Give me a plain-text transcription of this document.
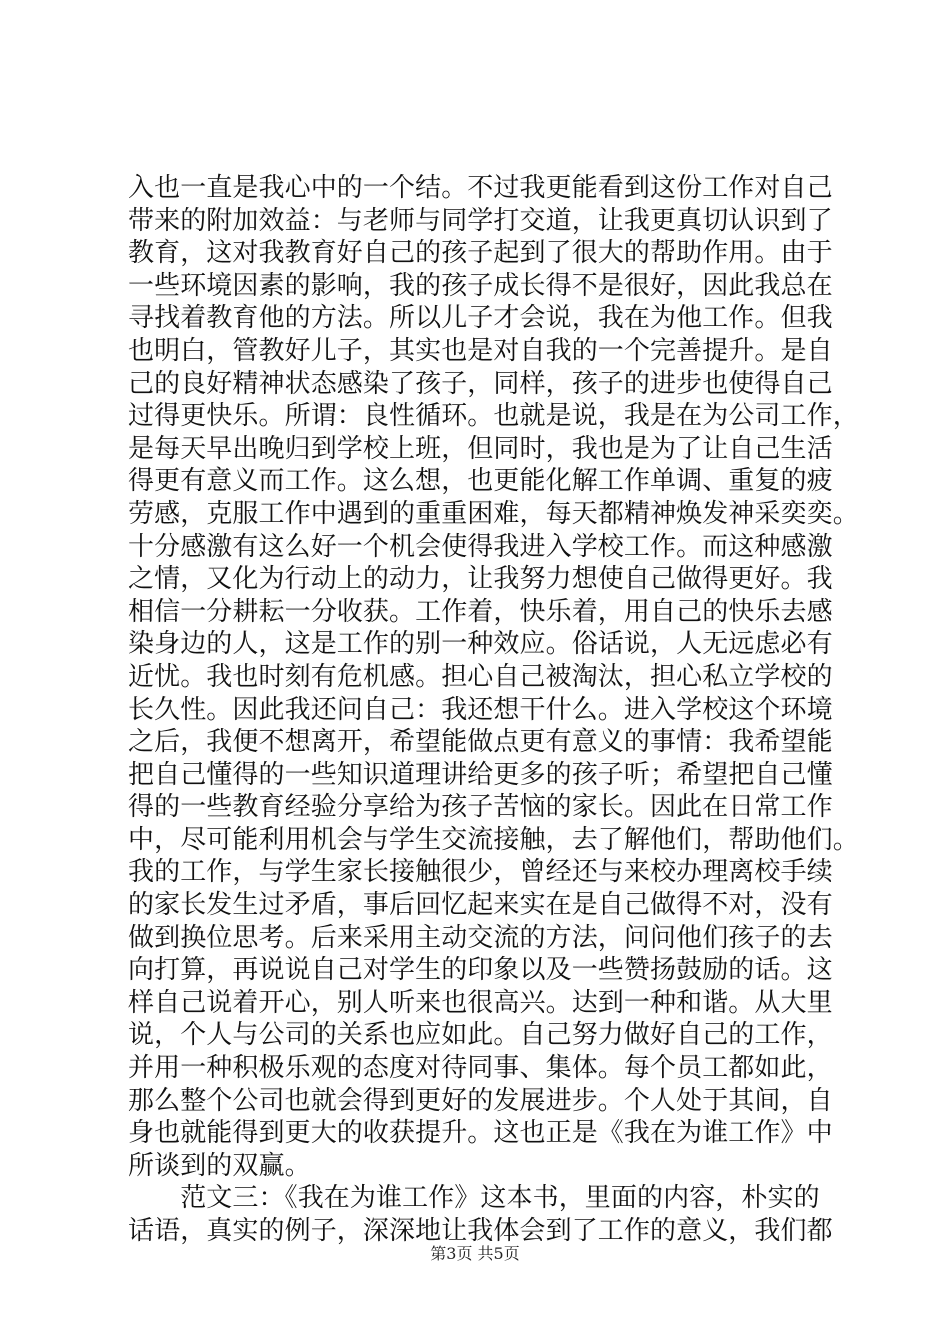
入也一直是我心中的一个结。不过我更能看到这份工作对自己
带来的附加效益：与老师与同学打交道，让我更真切认识到了
教育，这对我教育好自己的孩子起到了很大的帮助作用。由于
一些环境因素的影响，我的孩子成长得不是很好，因此我总在
寻找着教育他的方法。所以儿子才会说，我在为他工作。但我
也明白，管教好儿子，其实也是对自我的一个完善提升。是自
己的良好精神状态感染了孩子，同样，孩子的进步也使得自己
过得更快乐。所谓：良性循环。也就是说，我是在为公司工作，
是每天早出晚归到学校上班，但同时，我也是为了让自己生活
得更有意义而工作。这么想，也更能化解工作单调、重复的疲
劳感，克服工作中遇到的重重困难，每天都精神焕发神采奕奕。
十分感激有这么好一个机会使得我进入学校工作。而这种感激
之情，又化为行动上的动力，让我努力想使自己做得更好。我
相信一分耕耘一分收获。工作着，快乐着，用自己的快乐去感
染身边的人，这是工作的别一种效应。俗话说，人无远虑必有
近忧。我也时刻有危机感。担心自己被淘汰，担心私立学校的
长久性。因此我还问自己：我还想干什么。进入学校这个环境
之后，我便不想离开，希望能做点更有意义的事情：我希望能
把自己懂得的一些知识道理讲给更多的孩子听；希望把自己懂
得的一些教育经验分享给为孩子苦恼的家长。因此在日常工作
中，尽可能利用机会与学生交流接触，去了解他们，帮助他们。
我的工作，与学生家长接触很少，曾经还与来校办理离校手续
的家长发生过矛盾，事后回忆起来实在是自己做得不对，没有
做到换位思考。后来采用主动交流的方法，问问他们孩子的去
向打算，再说说自己对学生的印象以及一些赞扬鼓励的话。这
样自己说着开心，别人听来也很高兴。达到一种和谐。从大里
说，个人与公司的关系也应如此。自己努力做好自己的工作，
并用一种积极乐观的态度对待同事、集体。每个员工都如此，
那么整个公司也就会得到更好的发展进步。个人处于其间，自
身也就能得到更大的收获提升。这也正是《我在为谁工作》中
所谈到的双赢。
　　范文三：《我在为谁工作》这本书，里面的内容，朴实的
话语，真实的例子，深深地让我体会到了工作的意义，我们都
第3页 共5页
